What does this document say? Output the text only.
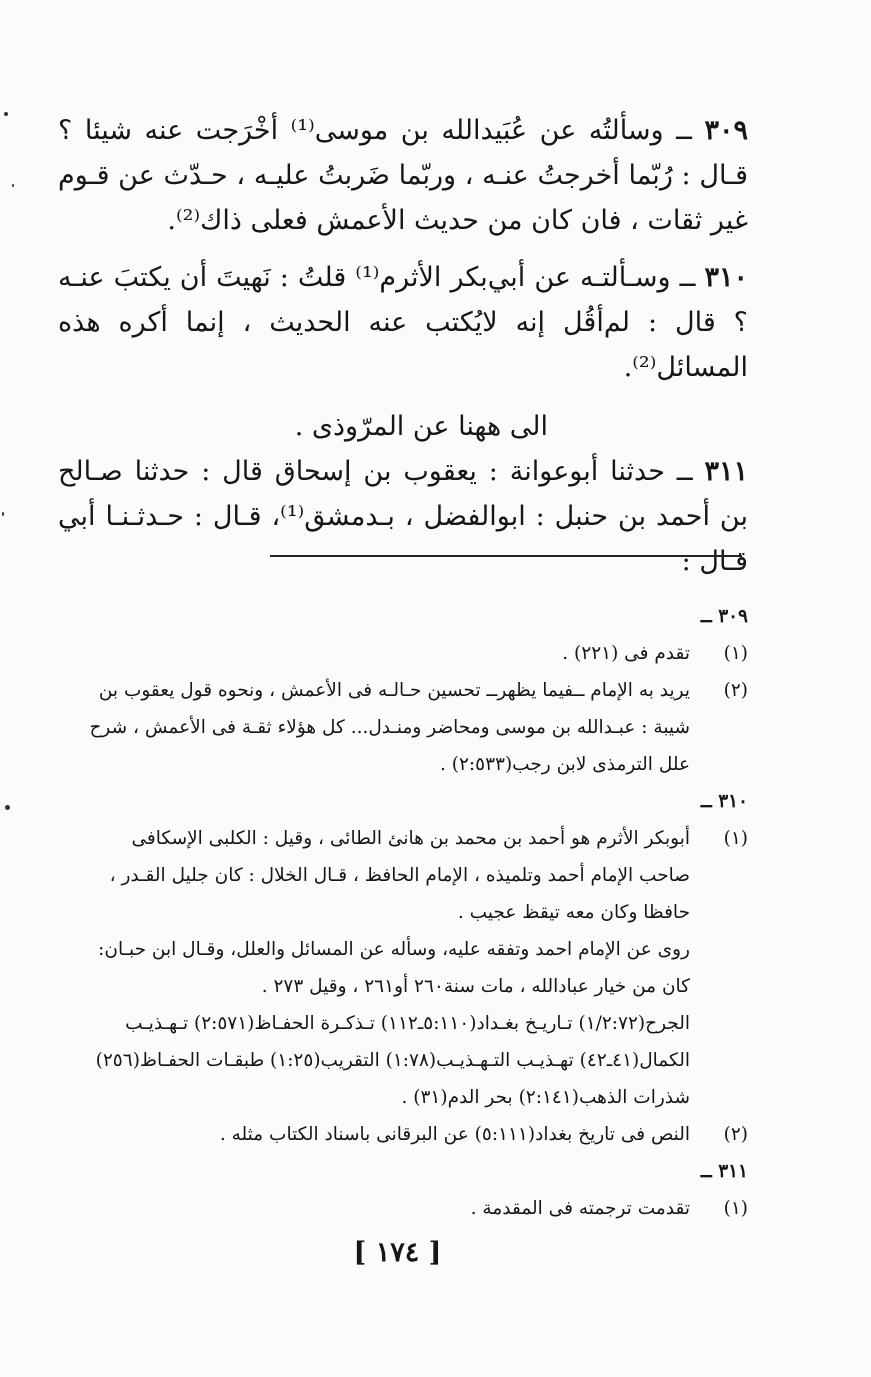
٣٠٩ ــ وسألتُه عن عُبَيدالله بن موسى⁽¹⁾ أخْرَجت عنه شيئا ؟ قـال : رُبّما أخرجتُ عنـه ، وربّما ضَربتُ عليـه ، حـدّث عن قـوم غير ثقات ، فان كان من حديث الأعمش فعلى ذاك⁽²⁾.
٣١٠ ــ وسـألتـه عن أبي‌بكر الأثرم⁽¹⁾ قلتُ : نَهيتَ أن يكتبَ عنـه ؟ قال : لم‌أقُل إنه لايُكتب عنه الحديث ، إنما أكره هذه المسائل⁽²⁾.
الى ههنا عن المرّوذى .
٣١١ ــ حدثنا أبوعوانة : يعقوب بن إسحاق قال : حدثنا صـالح بن أحمد بن حنبل : ابوالفضل ، بـدمشق⁽¹⁾، قـال : حـدثـنـا أبي قـال :
٣٠٩ ــ
(١)
تقدم فى (٢٢١) .
(٢)
يريد به الإمام ــفيما يظهرــ تحسين حـالـه فى الأعمش ، ونحوه قول يعقوب بن
شيبة : عبـدالله بن موسى ومحاضر ومنـدل... كل هؤلاء ثقـة فى الأعمش ، شرح
علل الترمذى لابن رجب(٢:٥٣٣) .
٣١٠ ــ
(١)
أبوبكر الأثرم هو أحمد بن محمد بن هانئ الطائى ، وقيل : الكلبى الإسكافى
صاحب الإمام أحمد وتلميذه ، الإمام الحافظ ، قـال الخلال : كان جليل القـدر ،
حافظا وكان معه تيقظ عجيب .
روى عن الإمام احمد وتفقه عليه، وسأله عن المسائل والعلل، وقـال ابن حبـان:
كان من خيار عبادالله ، مات سنة٢٦٠ أو٢٦١ ، وقيل ٢٧٣ .
الجرح(١/٢:٧٢) تـاريـخ بغـداد(٥:١١٠ـ١١٢) تـذكـرة الحفـاظ(٢:٥٧١) تـهـذيـب
الكمال(٤١ـ٤٢) تهـذيـب التـهـذيـب(١:٧٨) التقريب(١:٢٥) طبقـات الحفـاظ(٢٥٦)
شذرات الذهب(٢:١٤١) بحر الدم(٣١) .
(٢)
النص فى تاريخ بغداد(٥:١١١) عن البرقانى باسناد الكتاب مثله .
٣١١ ــ
(١)
تقدمت ترجمته فى المقدمة .
[ ١٧٤ ]
